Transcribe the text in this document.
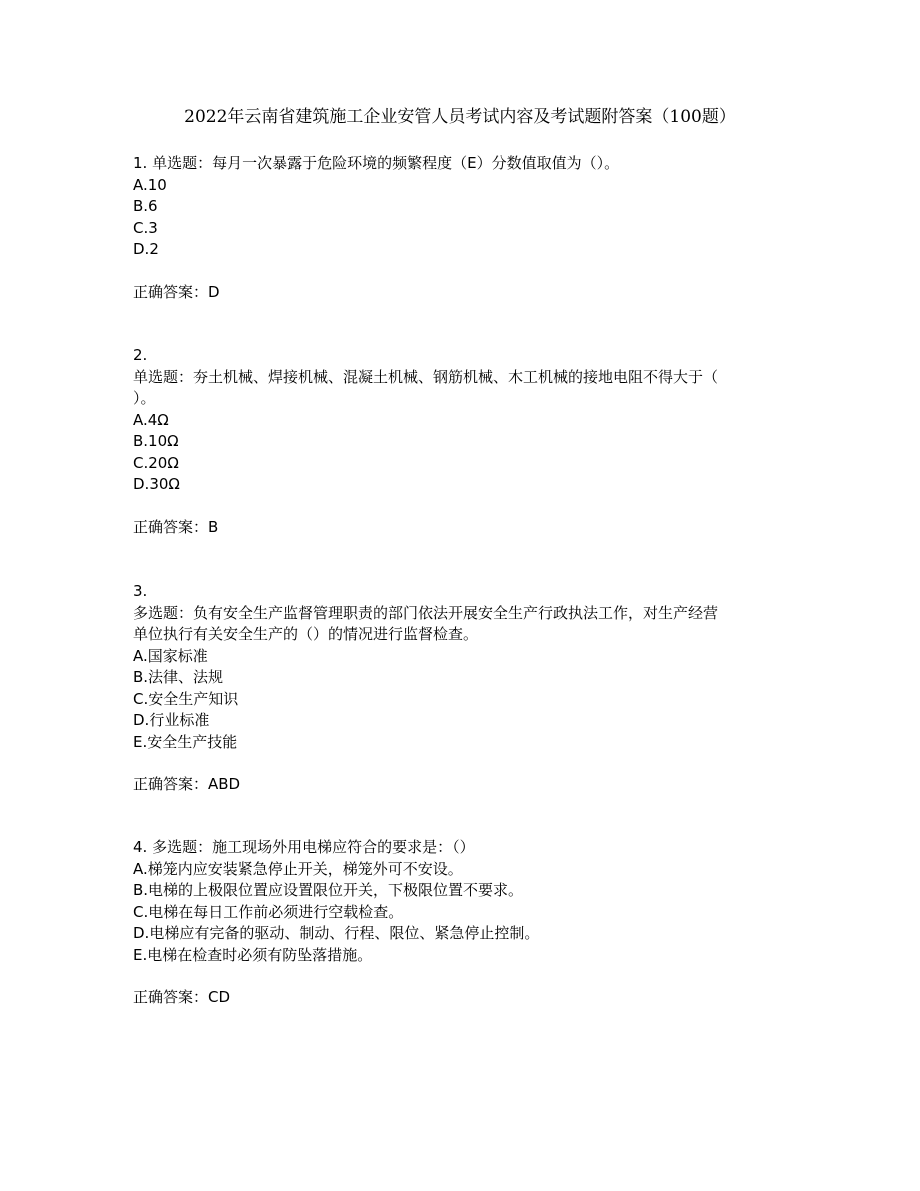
2022年云南省建筑施工企业安管人员考试内容及考试题附答案（100题）
1. 单选题：每月一次暴露于危险环境的频繁程度（E）分数值取值为（）。
A.10
B.6
C.3
D.2
正确答案：D
2.
单选题：夯土机械、焊接机械、混凝土机械、钢筋机械、木工机械的接地电阻不得大于（
）。
A.4Ω
B.10Ω
C.20Ω
D.30Ω
正确答案：B
3.
多选题：负有安全生产监督管理职责的部门依法开展安全生产行政执法工作，对生产经营
单位执行有关安全生产的（）的情况进行监督检查。
A.国家标准
B.法律、法规
C.安全生产知识
D.行业标准
E.安全生产技能
正确答案：ABD
4. 多选题：施工现场外用电梯应符合的要求是：（）
A.梯笼内应安装紧急停止开关，梯笼外可不安设。
B.电梯的上极限位置应设置限位开关，下极限位置不要求。
C.电梯在每日工作前必须进行空载检查。
D.电梯应有完备的驱动、制动、行程、限位、紧急停止控制。
E.电梯在检查时必须有防坠落措施。
正确答案：CD
